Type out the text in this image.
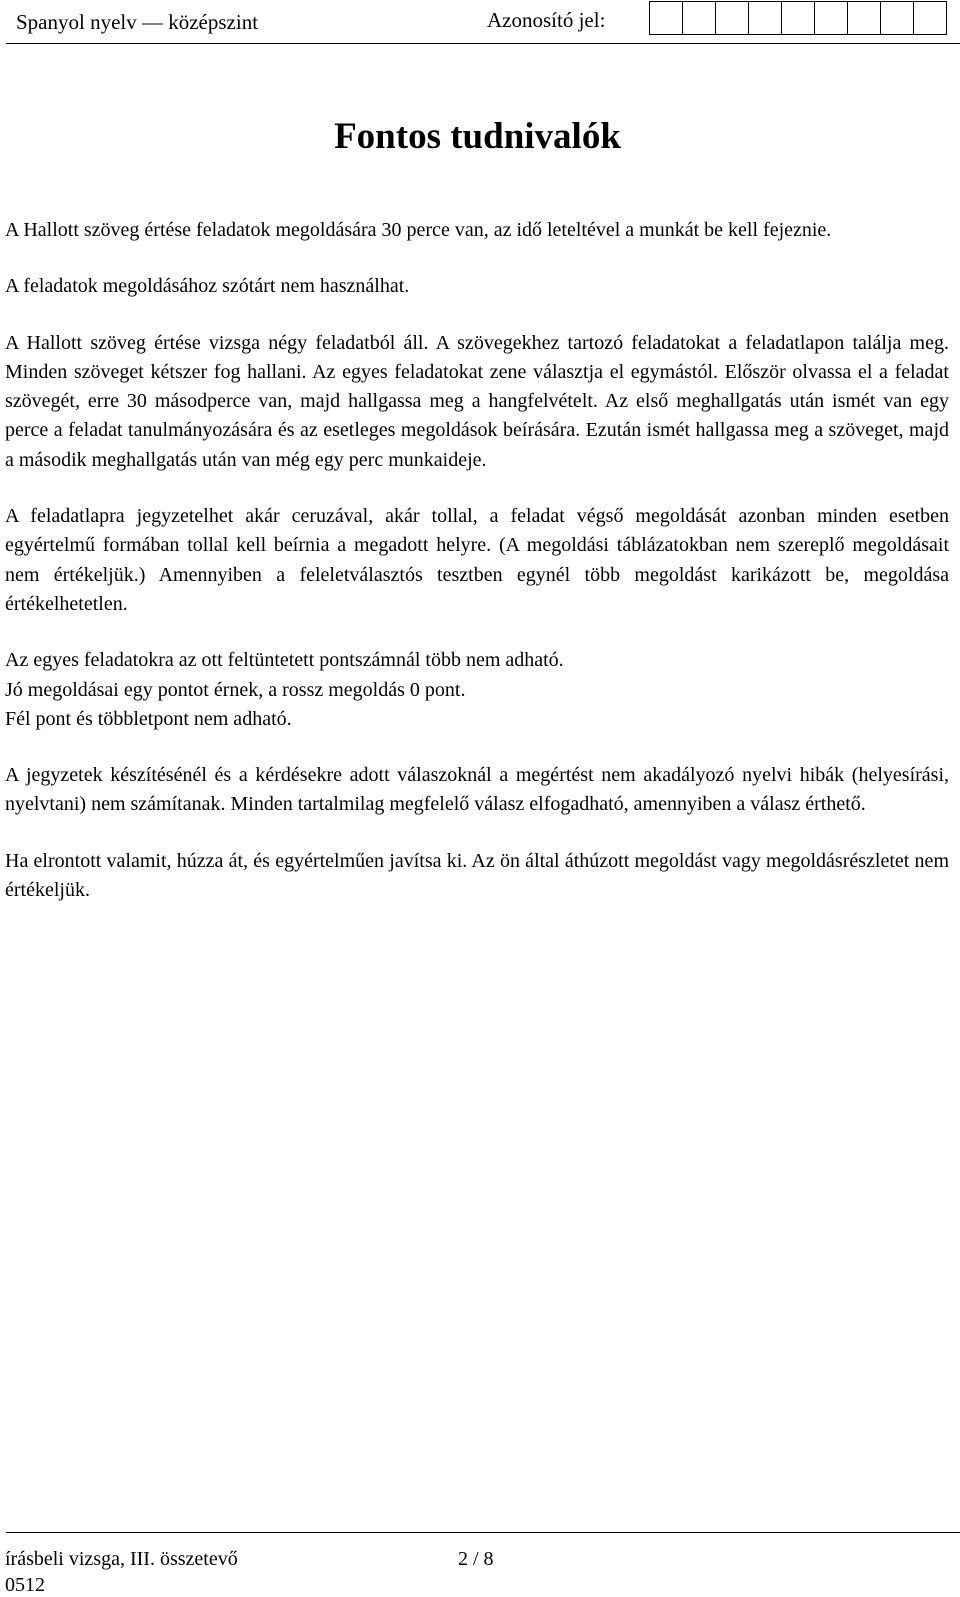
Spanyol nyelv — középszint	Azonosító jel:
Fontos tudnivalók

A Hallott szöveg értése feladatok megoldására 30 perce van, az idő leteltével a munkát be kell fejeznie.

A feladatok megoldásához szótárt nem használhat.

A Hallott szöveg értése vizsga négy feladatból áll. A szövegekhez tartozó feladatokat a feladatlapon találja meg. Minden szöveget kétszer fog hallani. Az egyes feladatokat zene választja el egymástól. Először olvassa el a feladat szövegét, erre 30 másodperce van, majd hallgassa meg a hangfelvételt. Az első meghallgatás után ismét van egy perce a feladat tanulmányozására és az esetleges megoldások beírására. Ezután ismét hallgassa meg a szöveget, majd a második meghallgatás után van még egy perc munkaideje.

A feladatlapra jegyzetelhet akár ceruzával, akár tollal, a feladat végső megoldását azonban minden esetben egyértelmű formában tollal kell beírnia a megadott helyre. (A megoldási táblázatokban nem szereplő megoldásait nem értékeljük.) Amennyiben a feleletválasztós tesztben egynél több megoldást karikázott be, megoldása értékelhetetlen.

Az egyes feladatokra az ott feltüntetett pontszámnál több nem adható.

Jó megoldásai egy pontot érnek, a rossz megoldás 0 pont.

Fél pont és többletpont nem adható.

A jegyzetek készítésénél és a kérdésekre adott válaszoknál a megértést nem akadályozó nyelvi hibák (helyesírási, nyelvtani) nem számítanak. Minden tartalmilag megfelelő válasz elfogadható, amennyiben a válasz érthető.

Ha elrontott valamit, húzza át, és egyértelműen javítsa ki. Az ön által áthúzott megoldást vagy megoldásrészletet nem értékeljük.

írásbeli vizsga, III. összetevő	2 / 8
0512
